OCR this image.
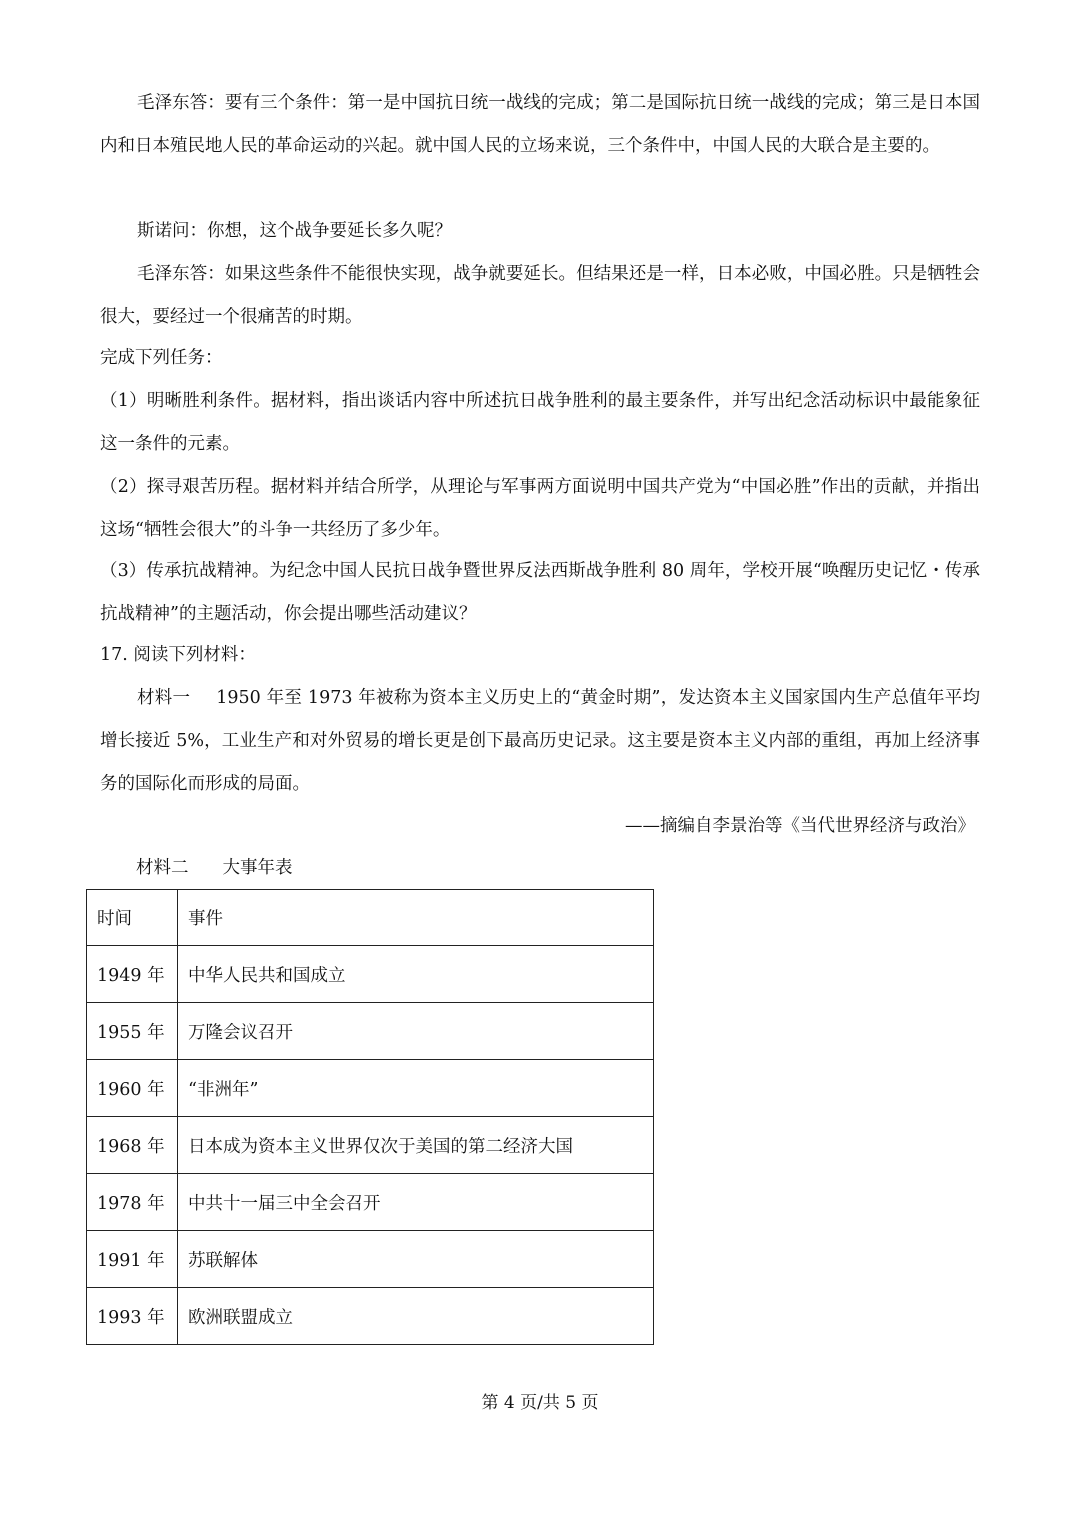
毛泽东答：要有三个条件：第一是中国抗日统一战线的完成；第二是国际抗日统一战线的完成；第三是日本国内和日本殖民地人民的革命运动的兴起。就中国人民的立场来说，三个条件中，中国人民的大联合是主要的。

斯诺问：你想，这个战争要延长多久呢？

毛泽东答：如果这些条件不能很快实现，战争就要延长。但结果还是一样，日本必败，中国必胜。只是牺牲会很大，要经过一个很痛苦的时期。

完成下列任务：

（1）明晰胜利条件。据材料，指出谈话内容中所述抗日战争胜利的最主要条件，并写出纪念活动标识中最能象征这一条件的元素。

（2）探寻艰苦历程。据材料并结合所学，从理论与军事两方面说明中国共产党为“中国必胜”作出的贡献，并指出这场“牺牲会很大”的斗争一共经历了多少年。

（3）传承抗战精神。为纪念中国人民抗日战争暨世界反法西斯战争胜利 80 周年，学校开展“唤醒历史记忆・传承抗战精神”的主题活动，你会提出哪些活动建议？

17. 阅读下列材料：

材料一 1950 年至 1973 年被称为资本主义历史上的“黄金时期”，发达资本主义国家国内生产总值年平均增长接近 5%，工业生产和对外贸易的增长更是创下最高历史记录。这主要是资本主义内部的重组，再加上经济事务的国际化而形成的局面。

——摘编自李景治等《当代世界经济与政治》

材料二 大事年表

时间	事件
1949 年	中华人民共和国成立
1955 年	万隆会议召开
1960 年	“非洲年”
1968 年	日本成为资本主义世界仅次于美国的第二经济大国
1978 年	中共十一届三中全会召开
1991 年	苏联解体
1993 年	欧洲联盟成立
第 4 页/共 5 页
